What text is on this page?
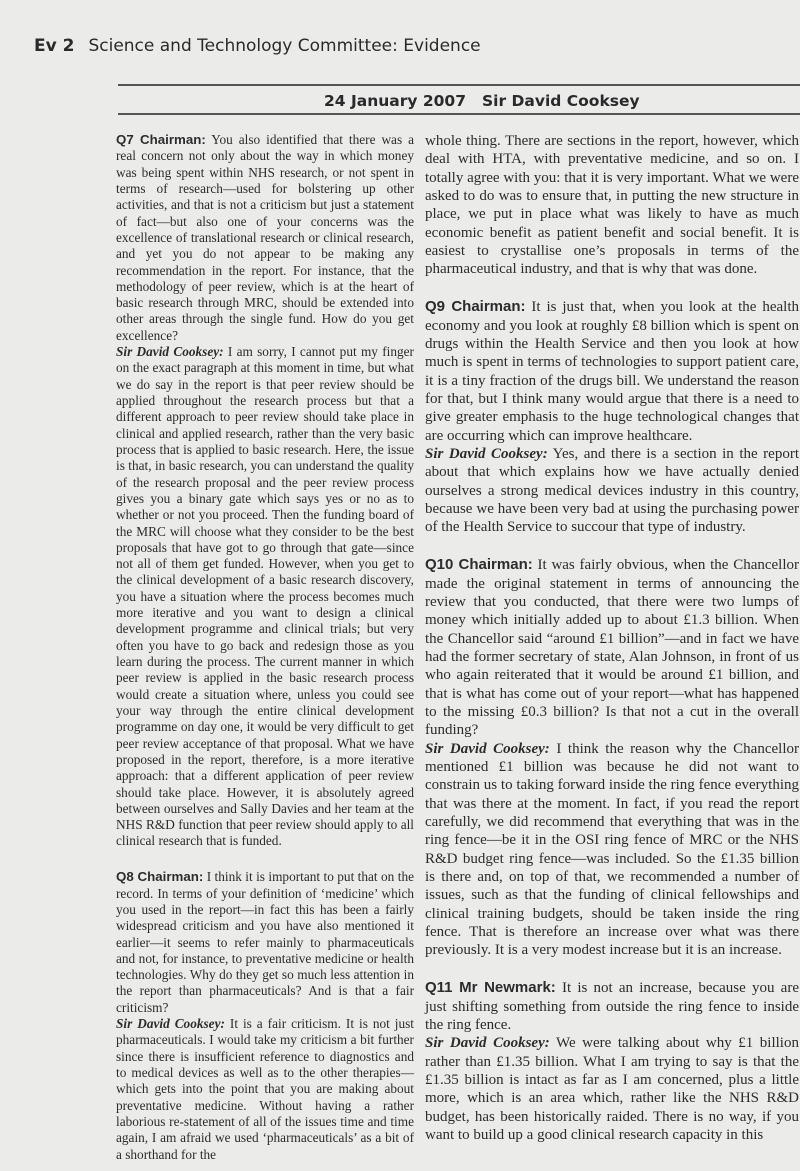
Ev 2 Science and Technology Committee: Evidence
24 January 2007 Sir David Cooksey

Q7 Chairman: You also identified that there was a real concern not only about the way in which money was being spent within NHS research, or not spent in terms of research—used for bolstering up other activities, and that is not a criticism but just a statement of fact—but also one of your concerns was the excellence of translational research or clinical research, and yet you do not appear to be making any recommendation in the report. For instance, that the methodology of peer review, which is at the heart of basic research through MRC, should be extended into other areas through the single fund. How do you get excellence?

Sir David Cooksey: I am sorry, I cannot put my finger on the exact paragraph at this moment in time, but what we do say in the report is that peer review should be applied throughout the research process but that a different approach to peer review should take place in clinical and applied research, rather than the very basic process that is applied to basic research. Here, the issue is that, in basic research, you can understand the quality of the research proposal and the peer review process gives you a binary gate which says yes or no as to whether or not you proceed. Then the funding board of the MRC will choose what they consider to be the best proposals that have got to go through that gate—since not all of them get funded. However, when you get to the clinical development of a basic research discovery, you have a situation where the process becomes much more iterative and you want to design a clinical development programme and clinical trials; but very often you have to go back and redesign those as you learn during the process. The current manner in which peer review is applied in the basic research process would create a situation where, unless you could see your way through the entire clinical development programme on day one, it would be very difficult to get peer review acceptance of that proposal. What we have proposed in the report, therefore, is a more iterative approach: that a different application of peer review should take place. However, it is absolutely agreed between ourselves and Sally Davies and her team at the NHS R&D function that peer review should apply to all clinical research that is funded.

Q8 Chairman: I think it is important to put that on the record. In terms of your definition of ‘medicine’ which you used in the report—in fact this has been a fairly widespread criticism and you have also mentioned it earlier—it seems to refer mainly to pharmaceuticals and not, for instance, to preventative medicine or health technologies. Why do they get so much less attention in the report than pharmaceuticals? And is that a fair criticism?

Sir David Cooksey: It is a fair criticism. It is not just pharmaceuticals. I would take my criticism a bit further since there is insufficient reference to diagnostics and to medical devices as well as to the other therapies—which gets into the point that you are making about preventative medicine. Without having a rather laborious re-statement of all of the issues time and time again, I am afraid we used ‘pharmaceuticals’ as a bit of a shorthand for the

whole thing. There are sections in the report, however, which deal with HTA, with preventative medicine, and so on. I totally agree with you: that it is very important. What we were asked to do was to ensure that, in putting the new structure in place, we put in place what was likely to have as much economic benefit as patient benefit and social benefit. It is easiest to crystallise one’s proposals in terms of the pharmaceutical industry, and that is why that was done.

Q9 Chairman: It is just that, when you look at the health economy and you look at roughly £8 billion which is spent on drugs within the Health Service and then you look at how much is spent in terms of technologies to support patient care, it is a tiny fraction of the drugs bill. We understand the reason for that, but I think many would argue that there is a need to give greater emphasis to the huge technological changes that are occurring which can improve healthcare.

Sir David Cooksey: Yes, and there is a section in the report about that which explains how we have actually denied ourselves a strong medical devices industry in this country, because we have been very bad at using the purchasing power of the Health Service to succour that type of industry.

Q10 Chairman: It was fairly obvious, when the Chancellor made the original statement in terms of announcing the review that you conducted, that there were two lumps of money which initially added up to about £1.3 billion. When the Chancellor said “around £1 billion”—and in fact we have had the former secretary of state, Alan Johnson, in front of us who again reiterated that it would be around £1 billion, and that is what has come out of your report—what has happened to the missing £0.3 billion? Is that not a cut in the overall funding?

Sir David Cooksey: I think the reason why the Chancellor mentioned £1 billion was because he did not want to constrain us to taking forward inside the ring fence everything that was there at the moment. In fact, if you read the report carefully, we did recommend that everything that was in the ring fence—be it in the OSI ring fence of MRC or the NHS R&D budget ring fence—was included. So the £1.35 billion is there and, on top of that, we recommended a number of issues, such as that the funding of clinical fellowships and clinical training budgets, should be taken inside the ring fence. That is therefore an increase over what was there previously. It is a very modest increase but it is an increase.

Q11 Mr Newmark: It is not an increase, because you are just shifting something from outside the ring fence to inside the ring fence.

Sir David Cooksey: We were talking about why £1 billion rather than £1.35 billion. What I am trying to say is that the £1.35 billion is intact as far as I am concerned, plus a little more, which is an area which, rather like the NHS R&D budget, has been historically raided. There is no way, if you want to build up a good clinical research capacity in this
